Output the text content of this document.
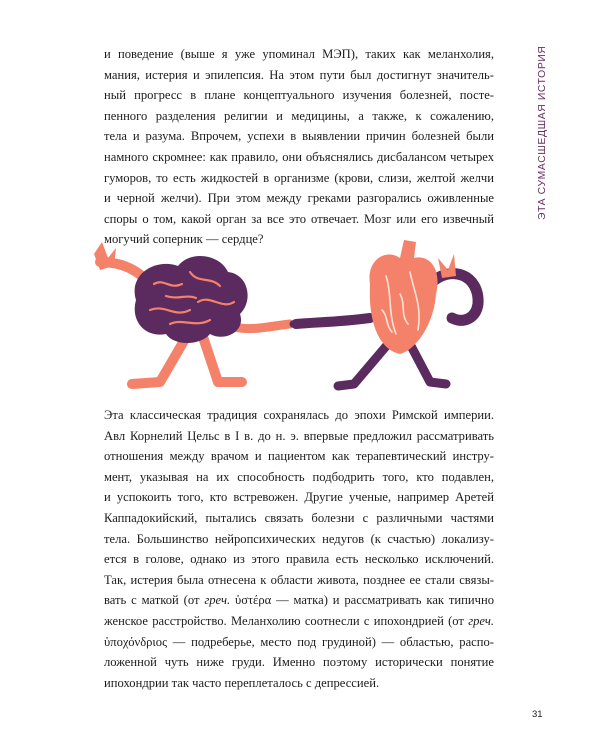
ЭТА СУМАСШЕДШАЯ ИСТОРИЯ

и поведение (выше я уже упоминал МЭП), таких как меланхолия,
мания, истерия и эпилепсия. На этом пути был достигнут значитель-
ный прогресс в плане концептуального изучения болезней, посте-
пенного разделения религии и медицины, а также, к сожалению,
тела и разума. Впрочем, успехи в выявлении причин болезней были
намного скромнее: как правило, они объяснялись дисбалансом четырех
гуморов, то есть жидкостей в организме (крови, слизи, желтой желчи
и черной желчи). При этом между греками разгорались оживленные
споры о том, какой орган за все это отвечает. Мозг или его извечный
могучий соперник — сердце?

Эта классическая традиция сохранялась до эпохи Римской империи.
Авл Корнелий Цельс в I в. до н. э. впервые предложил рассматривать
отношения между врачом и пациентом как терапевтический инстру-
мент, указывая на их способность подбодрить того, кто подавлен,
и успокоить того, кто встревожен. Другие ученые, например Аретей
Каппадокийский, пытались связать болезни с различными частями
тела. Большинство нейропсихических недугов (к счастью) локализу-
ется в голове, однако из этого правила есть несколько исключений.
Так, истерия была отнесена к области живота, позднее ее стали связы-
вать с маткой (от греч. ὑστέρα — матка) и рассматривать как типично
женское расстройство. Меланхолию соотнесли с ипохондрией (от греч.
ὑποχόνδριος — подреберье, место под грудиной) — областью, распо-
ложенной чуть ниже груди. Именно поэтому исторически понятие
ипохондрии так часто переплеталось с депрессией.

31
